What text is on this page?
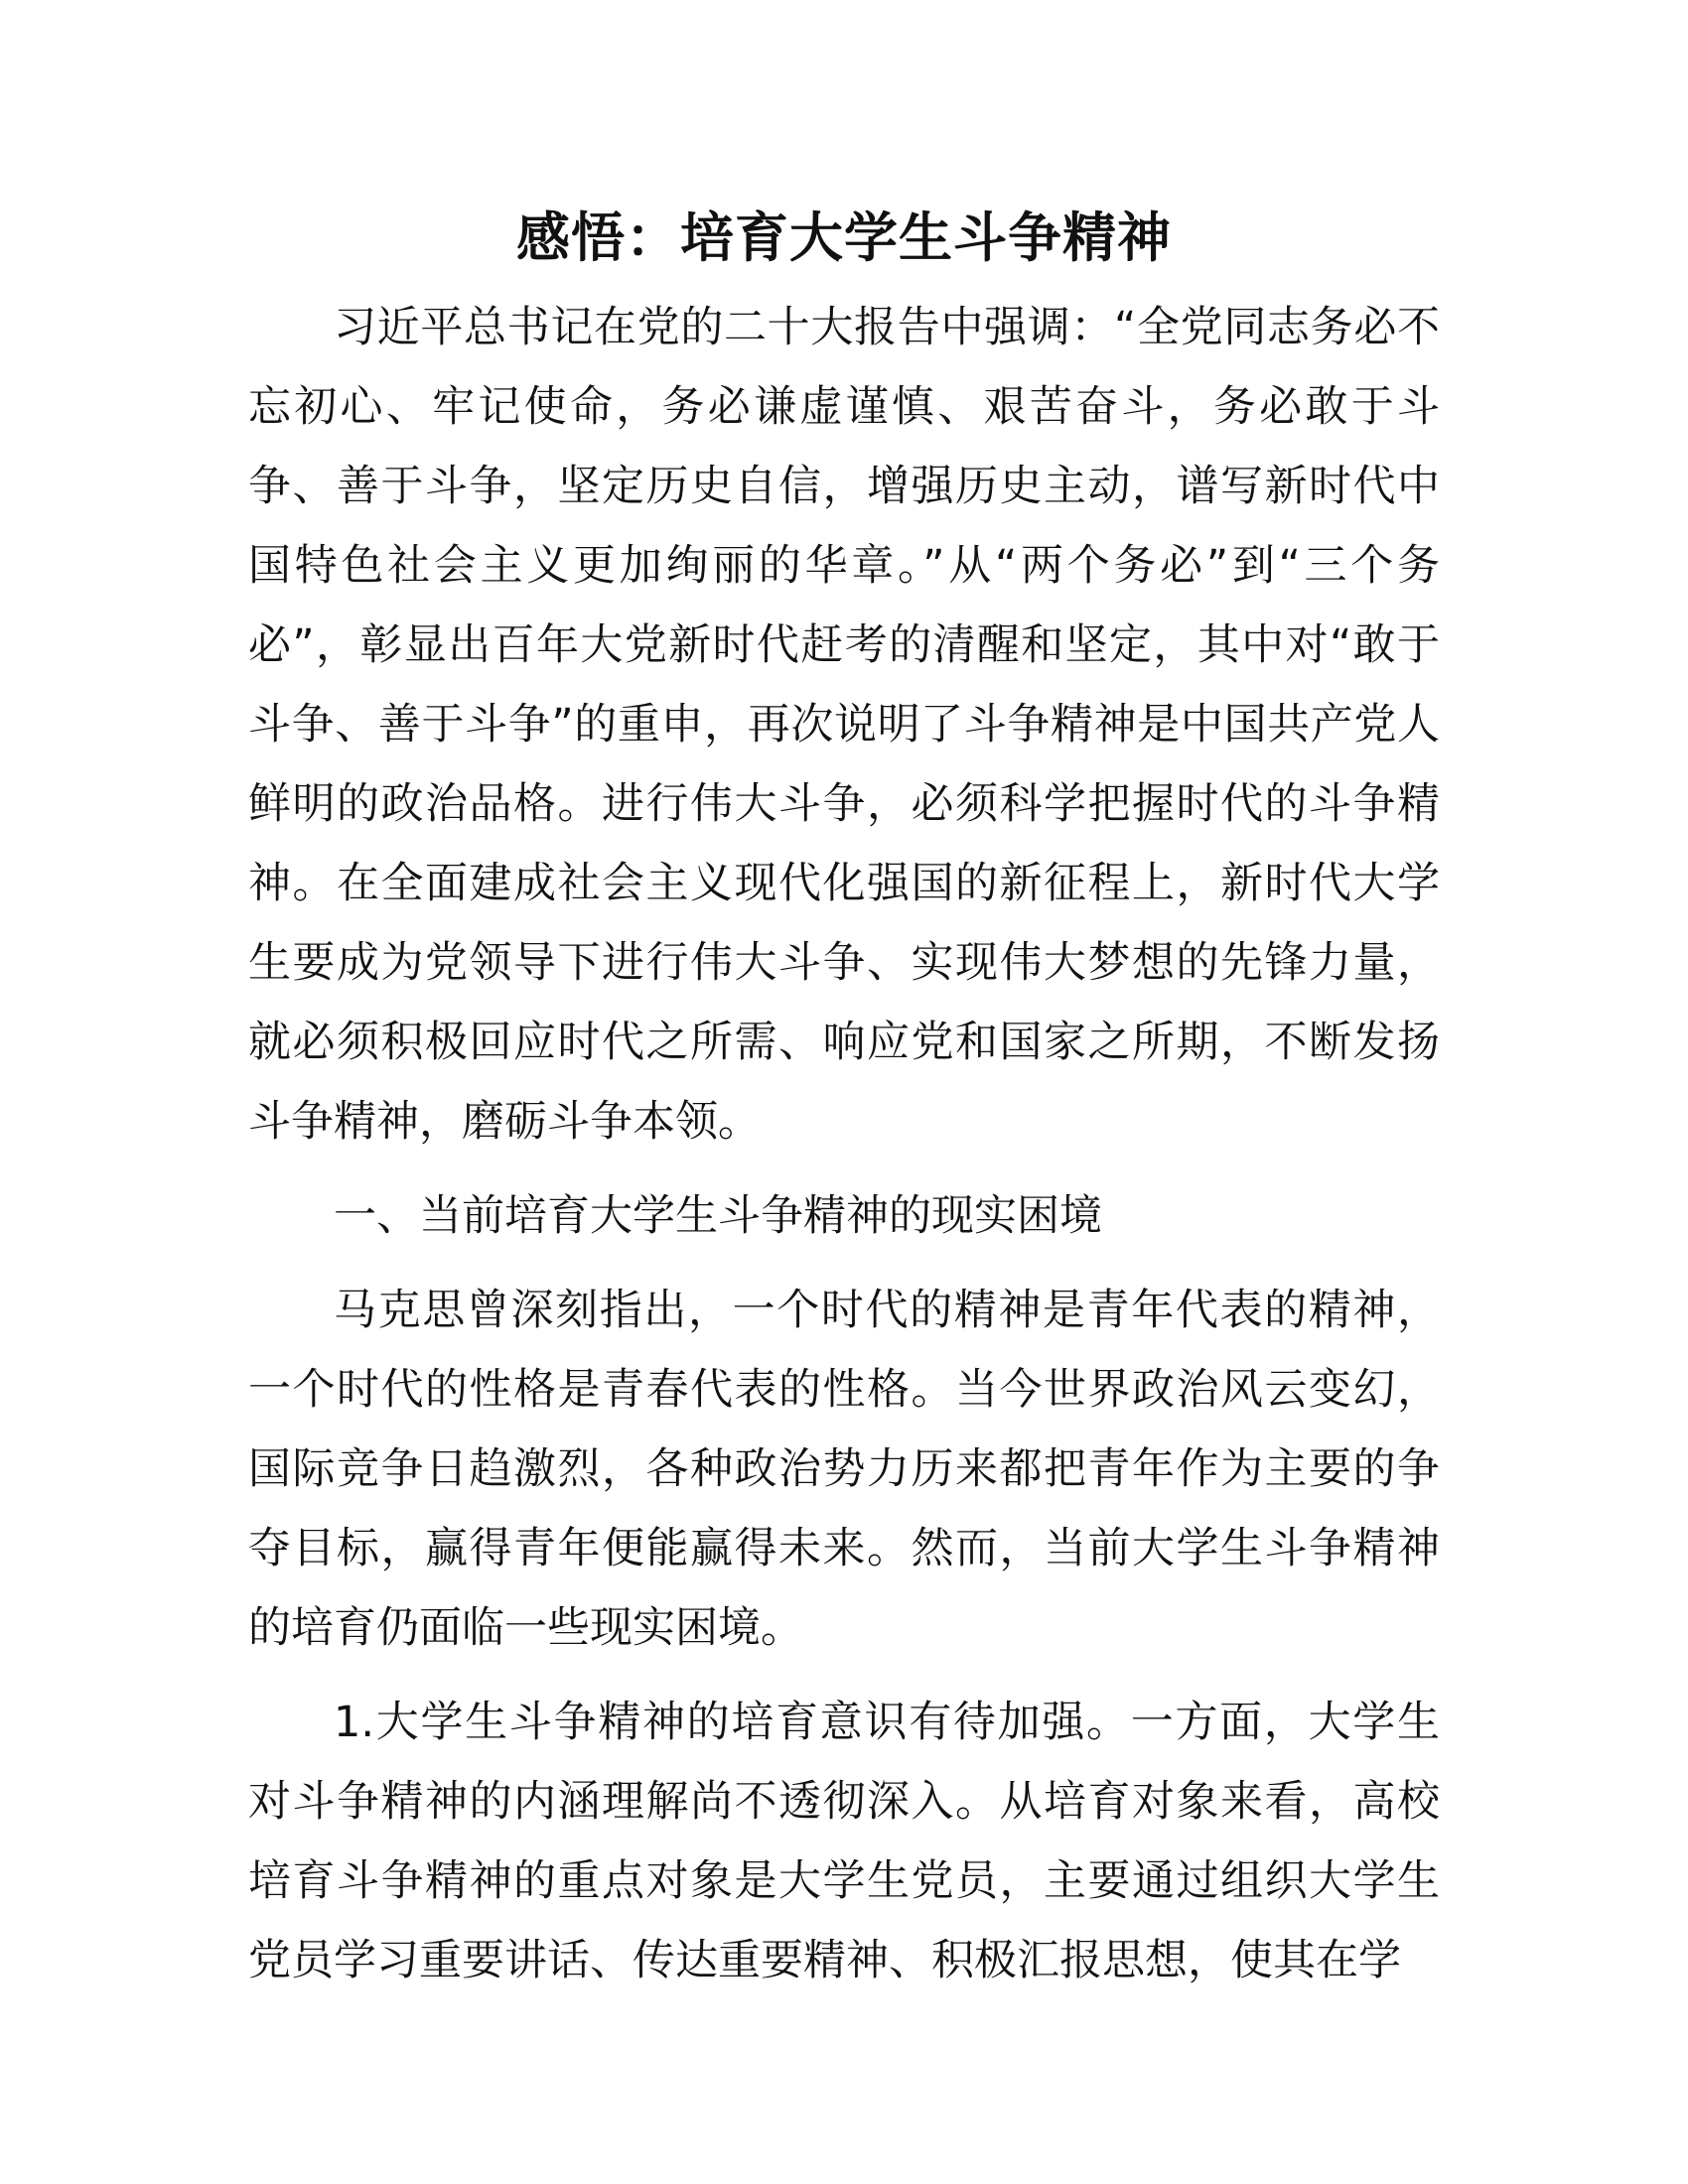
感悟：培育大学生斗争精神

习近平总书记在党的二十大报告中强调：“全党同志务必不忘初心、牢记使命，务必谦虚谨慎、艰苦奋斗，务必敢于斗争、善于斗争，坚定历史自信，增强历史主动，谱写新时代中国特色社会主义更加绚丽的华章。”从“两个务必”到“三个务必”，彰显出百年大党新时代赶考的清醒和坚定，其中对“敢于斗争、善于斗争”的重申，再次说明了斗争精神是中国共产党人鲜明的政治品格。进行伟大斗争，必须科学把握时代的斗争精神。在全面建成社会主义现代化强国的新征程上，新时代大学生要成为党领导下进行伟大斗争、实现伟大梦想的先锋力量，就必须积极回应时代之所需、响应党和国家之所期，不断发扬斗争精神，磨砺斗争本领。

一、当前培育大学生斗争精神的现实困境

马克思曾深刻指出，一个时代的精神是青年代表的精神，一个时代的性格是青春代表的性格。当今世界政治风云变幻，国际竞争日趋激烈，各种政治势力历来都把青年作为主要的争夺目标，赢得青年便能赢得未来。然而，当前大学生斗争精神的培育仍面临一些现实困境。

1.大学生斗争精神的培育意识有待加强。一方面，大学生对斗争精神的内涵理解尚不透彻深入。从培育对象来看，高校培育斗争精神的重点对象是大学生党员，主要通过组织大学生党员学习重要讲话、传达重要精神、积极汇报思想，使其在学
